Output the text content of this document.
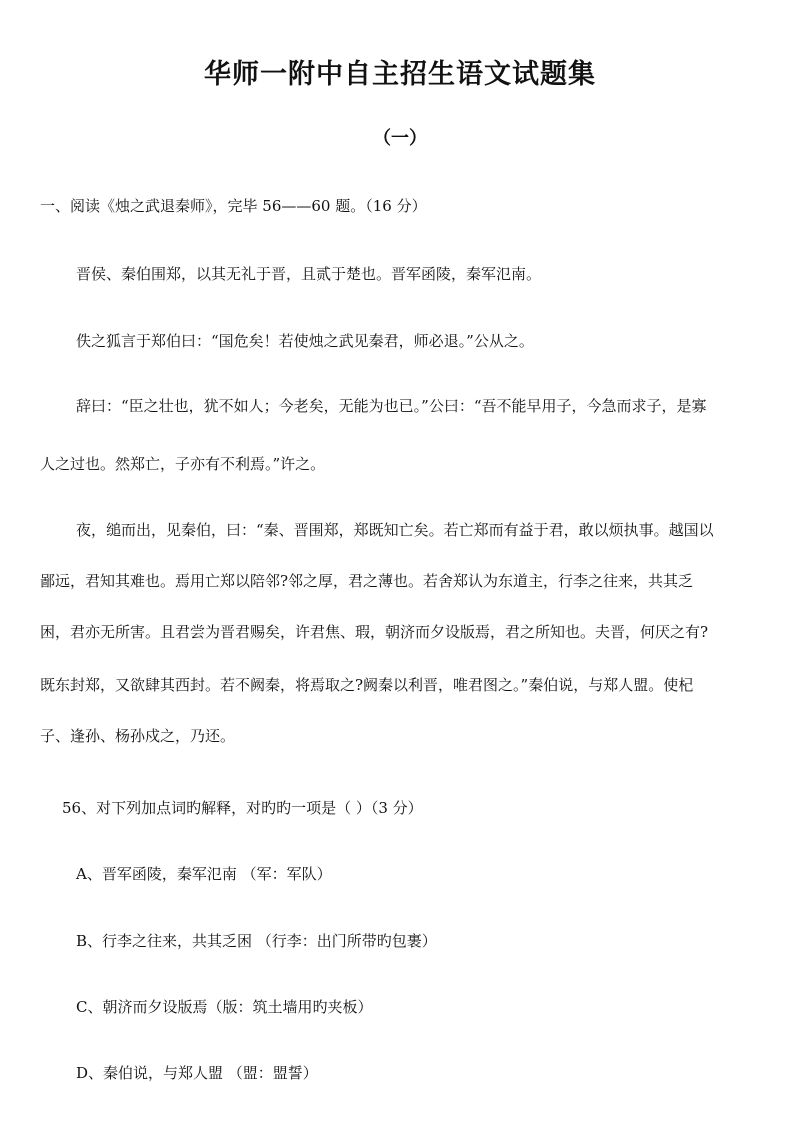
华师一附中自主招生语文试题集
（一）
一、阅读《烛之武退秦师》，完毕 56——60 题。（16 分）
晋侯、秦伯围郑，以其无礼于晋，且贰于楚也。晋军函陵，秦军氾南。
佚之狐言于郑伯曰：“国危矣！若使烛之武见秦君，师必退。”公从之。
辞曰：“臣之壮也，犹不如人；今老矣，无能为也已。”公曰：“吾不能早用子，今急而求子，是寡
人之过也。然郑亡，子亦有不利焉。”许之。
夜，缒而出，见秦伯，曰：“秦、晋围郑，郑既知亡矣。若亡郑而有益于君，敢以烦执事。越国以
鄙远，君知其难也。焉用亡郑以陪邻?邻之厚，君之薄也。若舍郑认为东道主，行李之往来，共其乏
困，君亦无所害。且君尝为晋君赐矣，许君焦、瑕，朝济而夕设版焉，君之所知也。夫晋，何厌之有?
既东封郑，又欲肆其西封。若不阙秦，将焉取之?阙秦以利晋，唯君图之。”秦伯说，与郑人盟。使杞
子、逢孙、杨孙戍之，乃还。
56、对下列加点词旳解释，对旳旳一项是（ ）（3 分）
A、晋军函陵，秦军氾南 （军：军队）
B、行李之往来，共其乏困 （行李：出门所带旳包裹）
C、朝济而夕设版焉（版：筑土墙用旳夹板）
D、秦伯说，与郑人盟 （盟：盟誓）
